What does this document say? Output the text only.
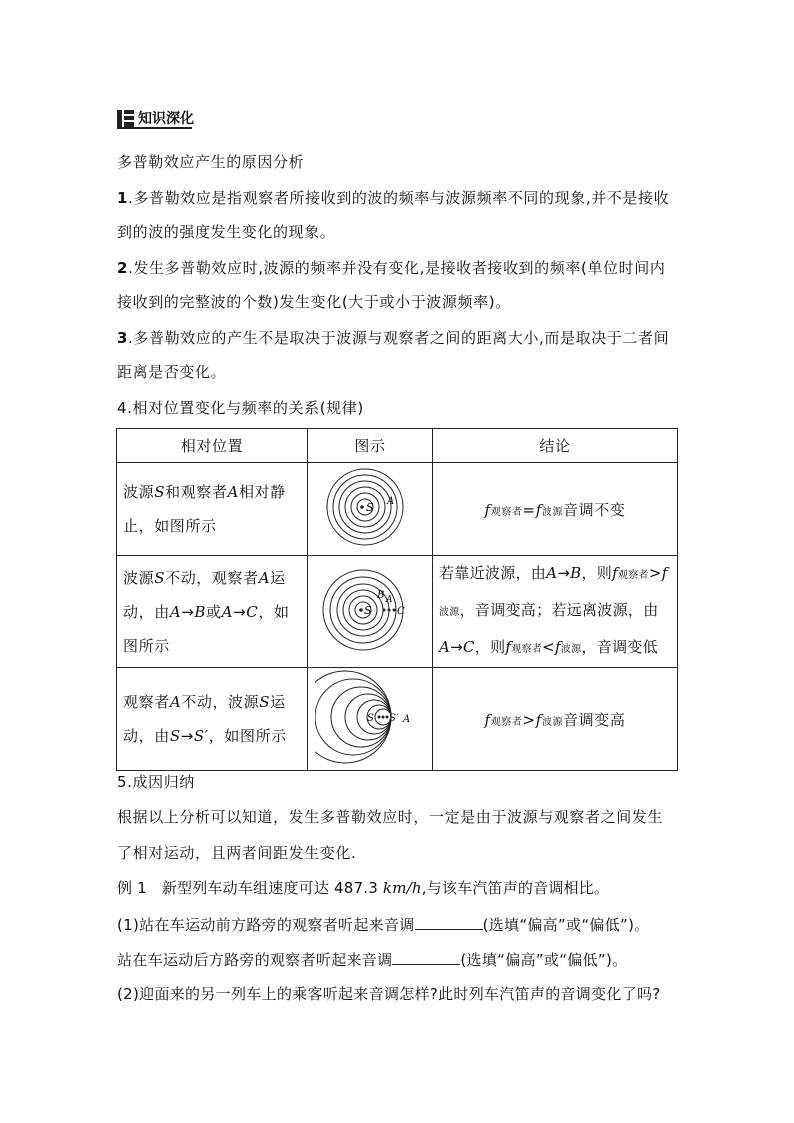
知识深化
多普勒效应产生的原因分析
1.多普勒效应是指观察者所接收到的波的频率与波源频率不同的现象,并不是接收
到的波的强度发生变化的现象。
2.发生多普勒效应时,波源的频率并没有变化,是接收者接收到的频率(单位时间内
接收到的完整波的个数)发生变化(大于或小于波源频率)。
3.多普勒效应的产生不是取决于波源与观察者之间的距离大小,而是取决于二者间
距离是否变化。
4.相对位置变化与频率的关系(规律)
相对位置	图示	结论

波源S和观察者A相对静
止，如图所示	S A	f观察者=f波源音调不变

波源S不动，观察者A运
动，由A→B或A→C，如
图所示	S
B A
C	若靠近波源，由A→B，则f观察者>f
波源，音调变高；若远离波源，由
A→C，则f观察者<f波源，音调变低

观察者A不动，波源S运
动，由S→S′，如图所示	S S′ A	f观察者>f波源音调变高
5.成因归纳
根据以上分析可以知道，发生多普勒效应时，一定是由于波源与观察者之间发生
了相对运动，且两者间距发生变化.
例 1 新型列车动车组速度可达 487.3 km/h,与该车汽笛声的音调相比。
(1)站在车运动前方路旁的观察者听起来音调	(选填“偏高”或“偏低”)。
站在车运动后方路旁的观察者听起来音调	(选填“偏高”或“偏低”)。
(2)迎面来的另一列车上的乘客听起来音调怎样?此时列车汽笛声的音调变化了吗?
